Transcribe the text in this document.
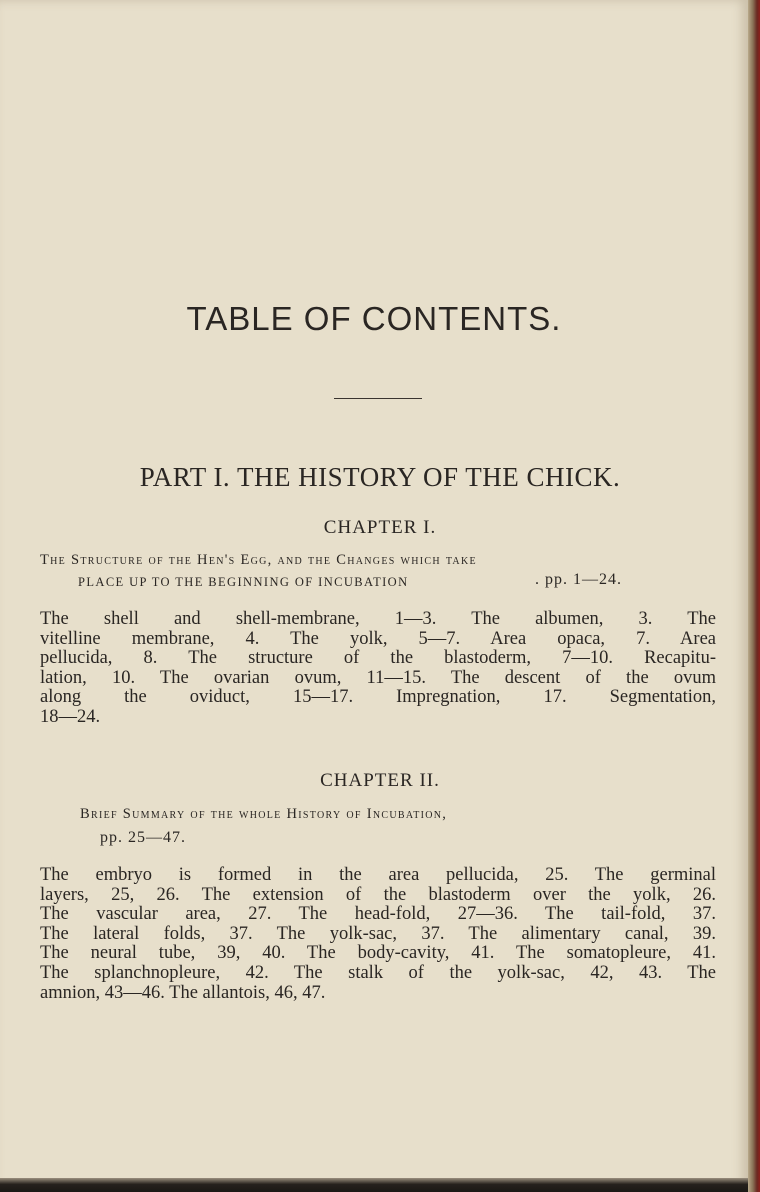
TABLE OF CONTENTS.
PART I. THE HISTORY OF THE CHICK.
CHAPTER I.
The Structure of the Hen's Egg, and the Changes which take
PLACE UP TO THE BEGINNING OF INCUBATION	. pp. 1—24.
The shell and shell-membrane, 1—3. The albumen, 3. The
vitelline membrane, 4. The yolk, 5—7. Area opaca, 7. Area
pellucida, 8. The structure of the blastoderm, 7—10. Recapitu-
lation, 10. The ovarian ovum, 11—15. The descent of the ovum
along the oviduct, 15—17. Impregnation, 17. Segmentation,
18—24.
CHAPTER II.
Brief Summary of the whole History of Incubation,
pp. 25—47.
The embryo is formed in the area pellucida, 25. The germinal
layers, 25, 26. The extension of the blastoderm over the yolk, 26.
The vascular area, 27. The head-fold, 27—36. The tail-fold, 37.
The lateral folds, 37. The yolk-sac, 37. The alimentary canal, 39.
The neural tube, 39, 40. The body-cavity, 41. The somatopleure, 41.
The splanchnopleure, 42. The stalk of the yolk-sac, 42, 43. The
amnion, 43—46. The allantois, 46, 47.
